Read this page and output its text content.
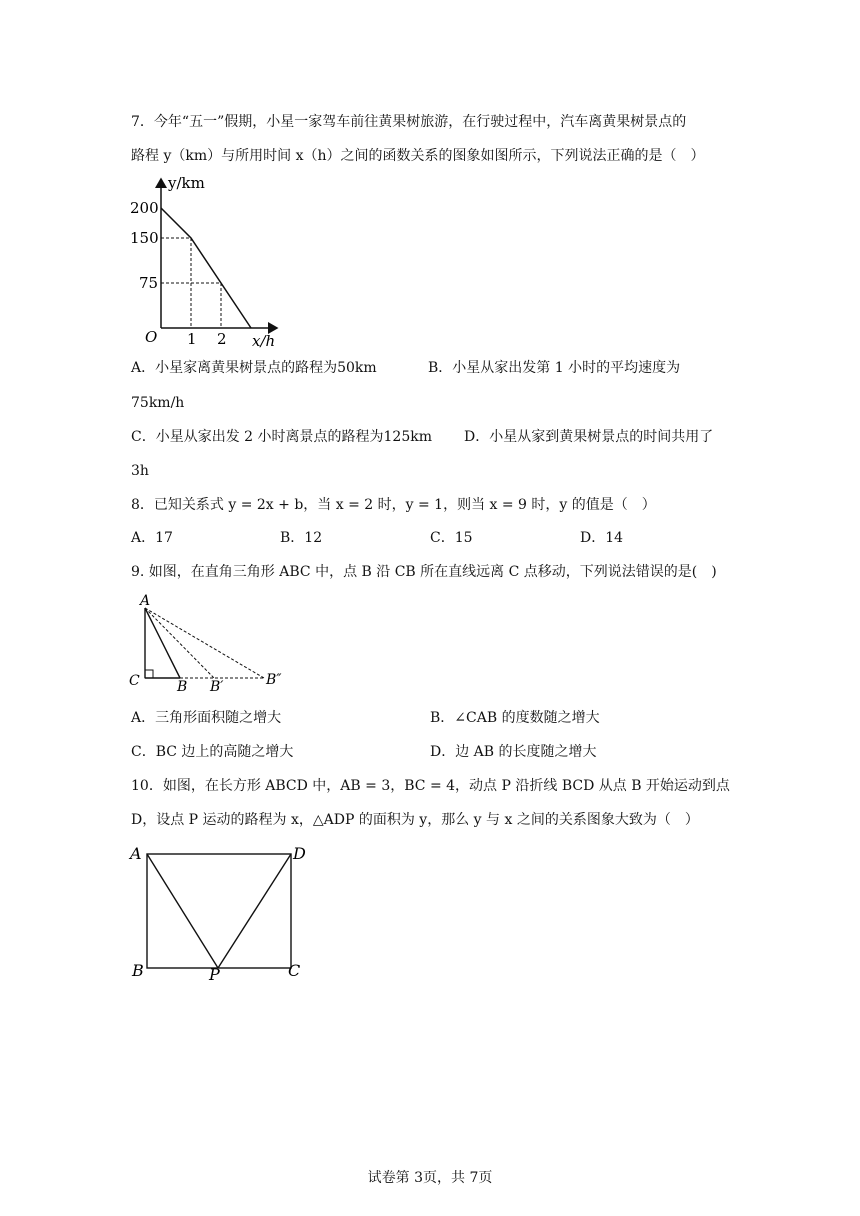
7．今年“五一”假期，小星一家驾车前往黄果树旅游，在行驶过程中，汽车离黄果树景点的
路程 y（km）与所用时间 x（h）之间的函数关系的图象如图所示，下列说法正确的是（　）
y/km
x/h
O
200
150
75
1 2
A．小星家离黄果树景点的路程为50km	B．小星从家出发第 1 小时的平均速度为
75km/h
C．小星从家出发 2 小时离景点的路程为125km D．小星从家到黄果树景点的时间共用了
3h
8．已知关系式 y = 2x + b，当 x = 2 时，y = 1，则当 x = 9 时，y 的值是（　）
A．17	B．12	C．15	D．14
9. 如图，在直角三角形 ABC 中，点 B 沿 CB 所在直线远离 C 点移动，下列说法错误的是(　)
A
C	B B′	B″
A．三角形面积随之增大	B．∠CAB 的度数随之增大
C．BC 边上的高随之增大	D．边 AB 的长度随之增大
10．如图，在长方形 ABCD 中，AB = 3，BC = 4，动点 P 沿折线 BCD 从点 B 开始运动到点
D，设点 P 运动的路程为 x，△ADP 的面积为 y，那么 y 与 x 之间的关系图象大致为（　）
A	D
B	P	C
试卷第 3页，共 7页
